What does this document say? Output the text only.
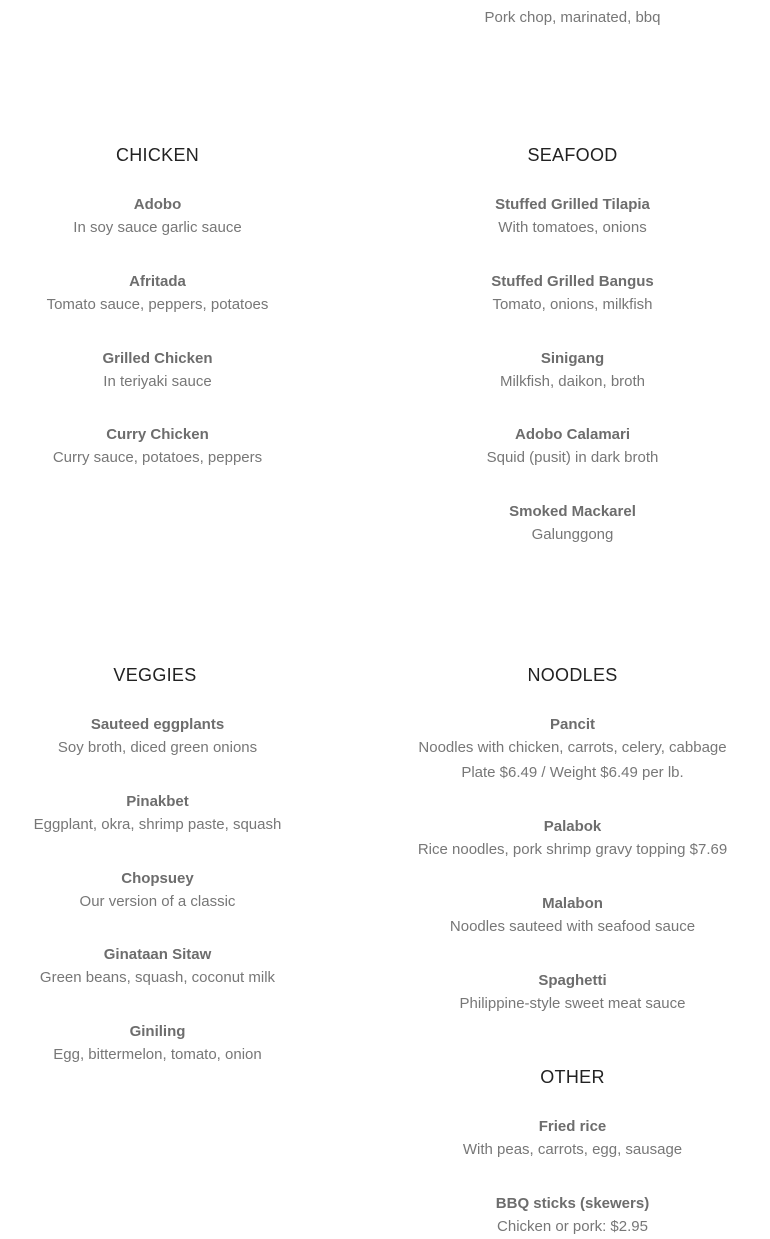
Pork chop, marinated, bbq
CHICKEN
Adobo
In soy sauce garlic sauce
Afritada
Tomato sauce, peppers, potatoes
Grilled Chicken
In teriyaki sauce
Curry Chicken
Curry sauce, potatoes, peppers
SEAFOOD
Stuffed Grilled Tilapia
With tomatoes, onions
Stuffed Grilled Bangus
Tomato, onions, milkfish
Sinigang
Milkfish, daikon, broth
Adobo Calamari
Squid (pusit) in dark broth
Smoked Mackarel
Galunggong
VEGGIES
Sauteed eggplants
Soy broth, diced green onions
Pinakbet
Eggplant, okra, shrimp paste, squash
Chopsuey
Our version of a classic
Ginataan Sitaw
Green beans, squash, coconut milk
Giniling
Egg, bittermelon, tomato, onion
NOODLES
Pancit
Noodles with chicken, carrots, celery, cabbage
Plate $6.49 / Weight $6.49 per lb.
Palabok
Rice noodles, pork shrimp gravy topping $7.69
Malabon
Noodles sauteed with seafood sauce
Spaghetti
Philippine-style sweet meat sauce
OTHER
Fried rice
With peas, carrots, egg, sausage
BBQ sticks (skewers)
Chicken or pork: $2.95
